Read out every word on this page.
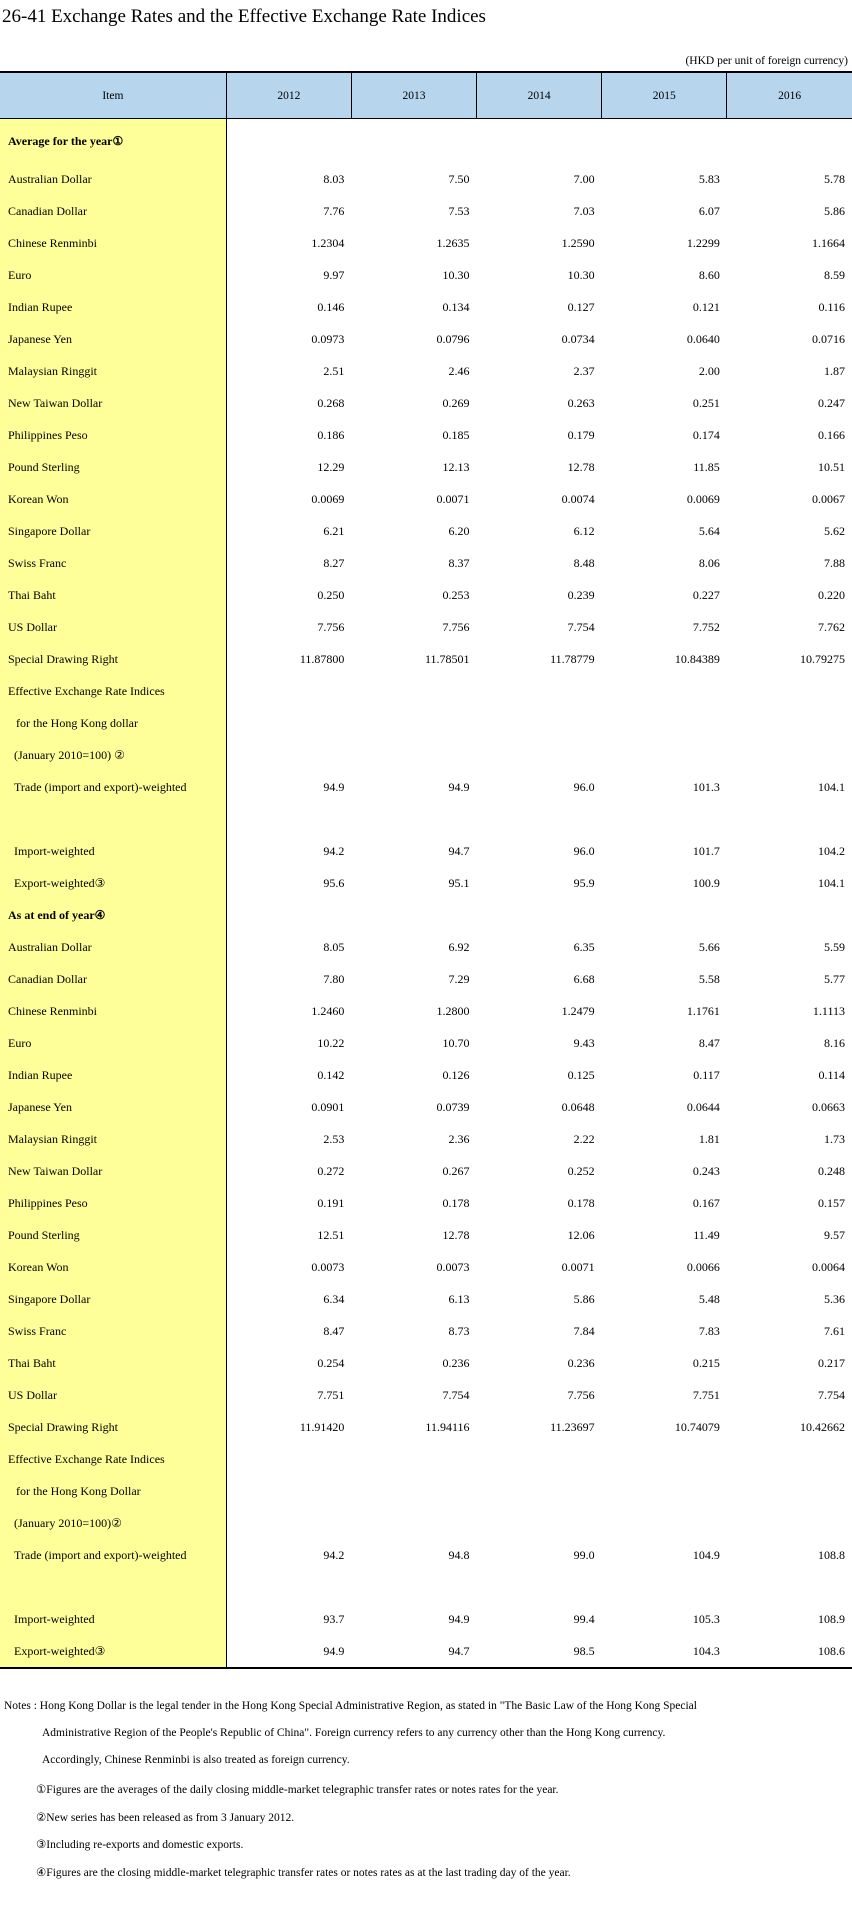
26-41 Exchange Rates and the Effective Exchange Rate Indices
(HKD per unit of foreign currency)
Item	2012	2013	2014	2015	2016
Average for the year①					
Australian Dollar	8.03	7.50	7.00	5.83	5.78
Canadian Dollar	7.76	7.53	7.03	6.07	5.86
Chinese Renminbi	1.2304	1.2635	1.2590	1.2299	1.1664
Euro	9.97	10.30	10.30	8.60	8.59
Indian Rupee	0.146	0.134	0.127	0.121	0.116
Japanese Yen	0.0973	0.0796	0.0734	0.0640	0.0716
Malaysian Ringgit	2.51	2.46	2.37	2.00	1.87
New Taiwan Dollar	0.268	0.269	0.263	0.251	0.247
Philippines Peso	0.186	0.185	0.179	0.174	0.166
Pound Sterling	12.29	12.13	12.78	11.85	10.51
Korean Won	0.0069	0.0071	0.0074	0.0069	0.0067
Singapore Dollar	6.21	6.20	6.12	5.64	5.62
Swiss Franc	8.27	8.37	8.48	8.06	7.88
Thai Baht	0.250	0.253	0.239	0.227	0.220
US Dollar	7.756	7.756	7.754	7.752	7.762
Special Drawing Right	11.87800	11.78501	11.78779	10.84389	10.79275
Effective Exchange Rate Indices					
for the Hong Kong dollar					
(January 2010=100) ②					
Trade (import and export)-weighted	94.9	94.9	96.0	101.3	104.1

Import-weighted	94.2	94.7	96.0	101.7	104.2
Export-weighted③	95.6	95.1	95.9	100.9	104.1
As at end of year④					
Australian Dollar	8.05	6.92	6.35	5.66	5.59
Canadian Dollar	7.80	7.29	6.68	5.58	5.77
Chinese Renminbi	1.2460	1.2800	1.2479	1.1761	1.1113
Euro	10.22	10.70	9.43	8.47	8.16
Indian Rupee	0.142	0.126	0.125	0.117	0.114
Japanese Yen	0.0901	0.0739	0.0648	0.0644	0.0663
Malaysian Ringgit	2.53	2.36	2.22	1.81	1.73
New Taiwan Dollar	0.272	0.267	0.252	0.243	0.248
Philippines Peso	0.191	0.178	0.178	0.167	0.157
Pound Sterling	12.51	12.78	12.06	11.49	9.57
Korean Won	0.0073	0.0073	0.0071	0.0066	0.0064
Singapore Dollar	6.34	6.13	5.86	5.48	5.36
Swiss Franc	8.47	8.73	7.84	7.83	7.61
Thai Baht	0.254	0.236	0.236	0.215	0.217
US Dollar	7.751	7.754	7.756	7.751	7.754
Special Drawing Right	11.91420	11.94116	11.23697	10.74079	10.42662
Effective Exchange Rate Indices					
for the Hong Kong Dollar					
(January 2010=100)②					
Trade (import and export)-weighted	94.2	94.8	99.0	104.9	108.8

Import-weighted	93.7	94.9	99.4	105.3	108.9
Export-weighted③	94.9	94.7	98.5	104.3	108.6
Notes : Hong Kong Dollar is the legal tender in the Hong Kong Special Administrative Region, as stated in "The Basic Law of the Hong Kong Special
Administrative Region of the People's Republic of China". Foreign currency refers to any currency other than the Hong Kong currency.
Accordingly, Chinese Renminbi is also treated as foreign currency.
①Figures are the averages of the daily closing middle-market telegraphic transfer rates or notes rates for the year.
②New series has been released as from 3 January 2012.
③Including re-exports and domestic exports.
④Figures are the closing middle-market telegraphic transfer rates or notes rates as at the last trading day of the year.
